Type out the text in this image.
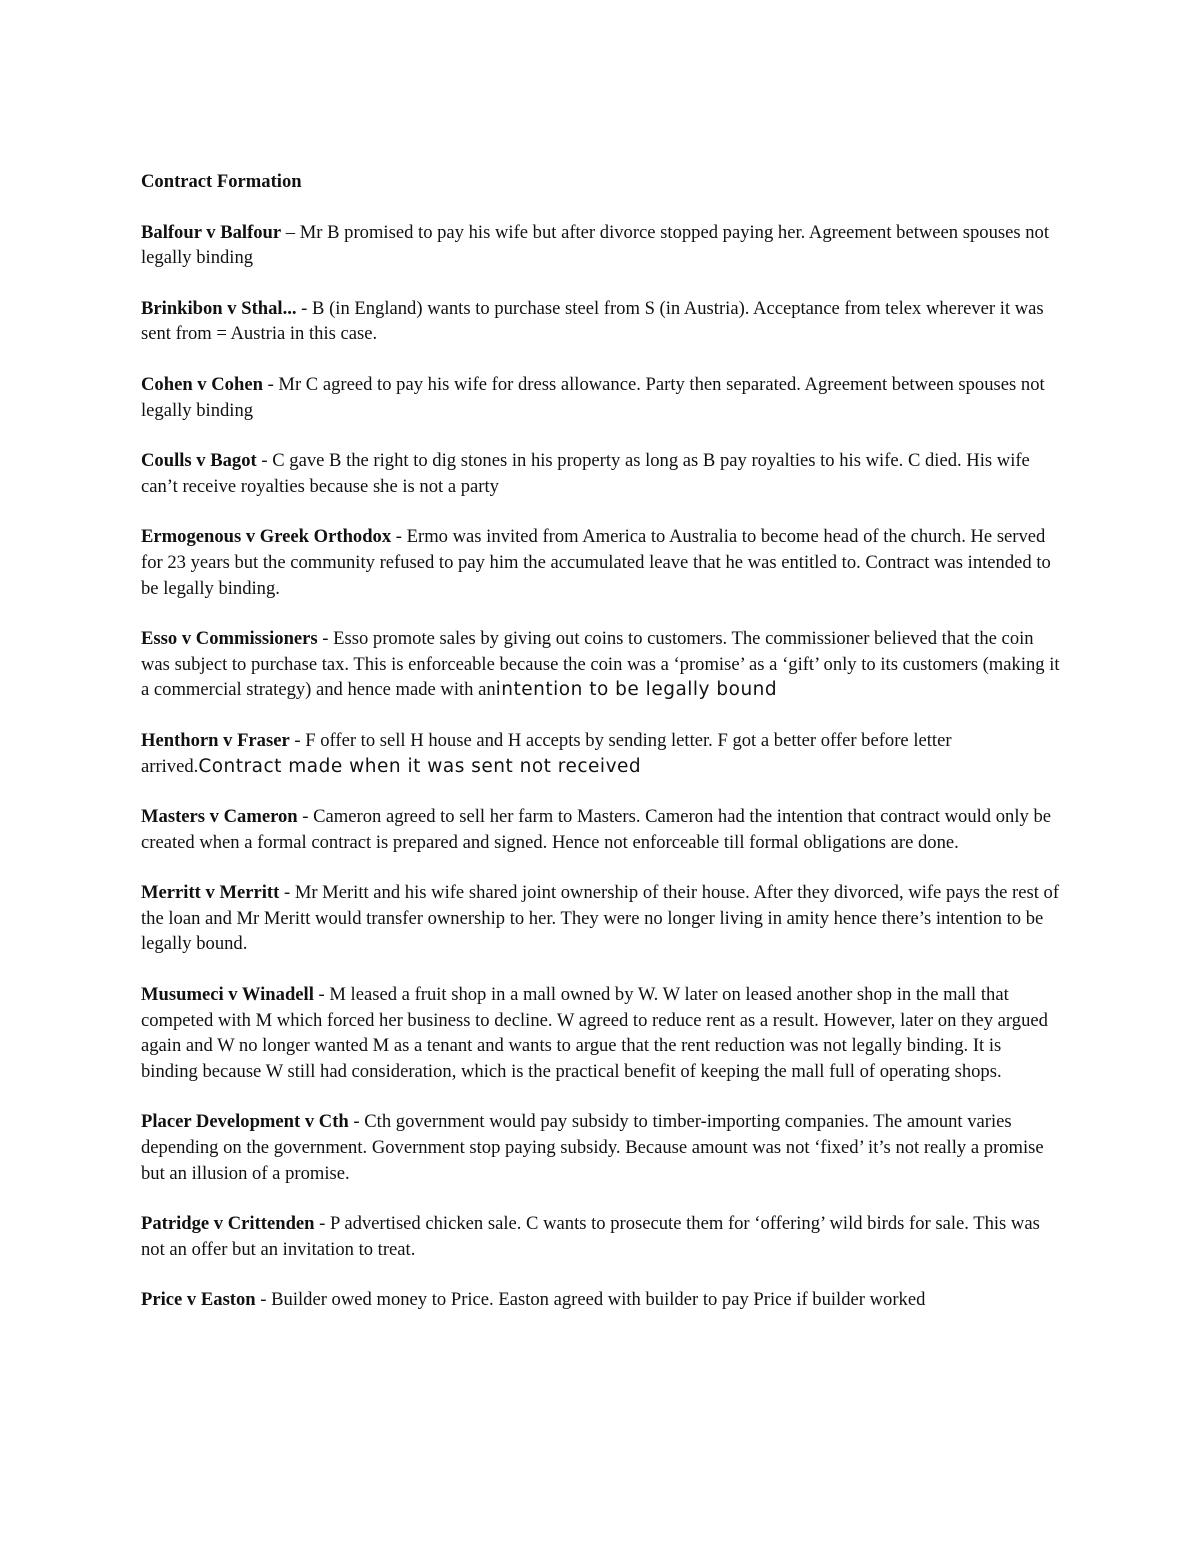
Contract Formation
Balfour v Balfour – Mr B promised to pay his wife but after divorce stopped paying her. Agreement between spouses not legally binding
Brinkibon v Sthal... - B (in England) wants to purchase steel from S (in Austria). Acceptance from telex wherever it was sent from = Austria in this case.
Cohen v Cohen - Mr C agreed to pay his wife for dress allowance. Party then separated. Agreement between spouses not legally binding
Coulls v Bagot - C gave B the right to dig stones in his property as long as B pay royalties to his wife. C died. His wife can’t receive royalties because she is not a party
Ermogenous v Greek Orthodox - Ermo was invited from America to Australia to become head of the church. He served for 23 years but the community refused to pay him the accumulated leave that he was entitled to. Contract was intended to be legally binding.
Esso v Commissioners - Esso promote sales by giving out coins to customers. The commissioner believed that the coin was subject to purchase tax. This is enforceable because the coin was a ‘promise’ as a ‘gift’ only to its customers (making it a commercial strategy) and hence made with anintention to be legally bound
Henthorn v Fraser - F offer to sell H house and H accepts by sending letter. F got a better offer before letter arrived.Contract made when it was sent not received
Masters v Cameron - Cameron agreed to sell her farm to Masters. Cameron had the intention that contract would only be created when a formal contract is prepared and signed. Hence not enforceable till formal obligations are done.
Merritt v Merritt - Mr Meritt and his wife shared joint ownership of their house. After they divorced, wife pays the rest of the loan and Mr Meritt would transfer ownership to her. They were no longer living in amity hence there’s intention to be legally bound.
Musumeci v Winadell - M leased a fruit shop in a mall owned by W. W later on leased another shop in the mall that competed with M which forced her business to decline. W agreed to reduce rent as a result. However, later on they argued again and W no longer wanted M as a tenant and wants to argue that the rent reduction was not legally binding. It is binding because W still had consideration, which is the practical benefit of keeping the mall full of operating shops.
Placer Development v Cth - Cth government would pay subsidy to timber-importing companies. The amount varies depending on the government. Government stop paying subsidy. Because amount was not ‘fixed’ it’s not really a promise but an illusion of a promise.
Patridge v Crittenden - P advertised chicken sale. C wants to prosecute them for ‘offering’ wild birds for sale. This was not an offer but an invitation to treat.
Price v Easton - Builder owed money to Price. Easton agreed with builder to pay Price if builder worked
